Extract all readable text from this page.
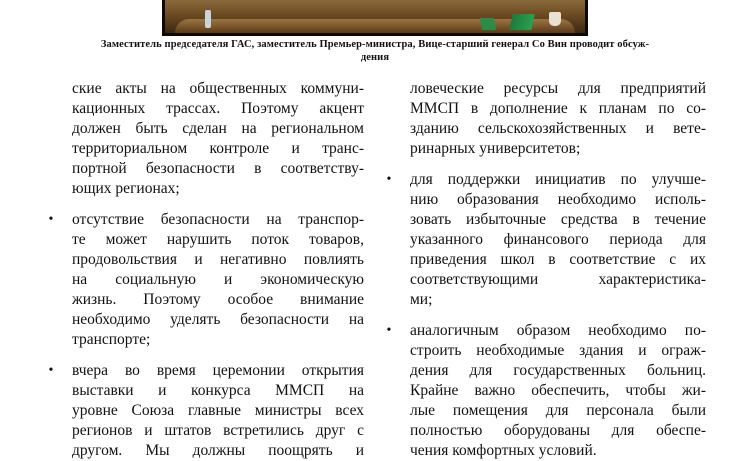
Заместитель председателя ГАС, заместитель Премьер-министра, Вице-старший генерал Со Вин проводит обсуж-
дения
ские акты на общественных коммуни-
кационных трассах. Поэтому акцент
должен быть сделан на региональном
территориальном контроле и транс-
портной безопасности в соответству-
ющих регионах;
• отсутствие безопасности на транспор-
те может нарушить поток товаров,
продовольствия и негативно повлиять
на социальную и экономическую
жизнь. Поэтому особое внимание
необходимо уделять безопасности на
транспорте;
• вчера во время церемонии открытия
выставки и конкурса ММСП на
уровне Союза главные министры всех
регионов и штатов встретились друг с
другом. Мы должны поощрять и
ловеческие ресурсы для предприятий
ММСП в дополнение к планам по со-
зданию сельскохозяйственных и вете-
ринарных университетов;
• для поддержки инициатив по улучше-
нию образования необходимо исполь-
зовать избыточные средства в течение
указанного финансового периода для
приведения школ в соответствие с их
соответствующими характеристика-
ми;
• аналогичным образом необходимо по-
строить необходимые здания и ограж-
дения для государственных больниц.
Крайне важно обеспечить, чтобы жи-
лые помещения для персонала были
полностью оборудованы для обеспе-
чения комфортных условий.
